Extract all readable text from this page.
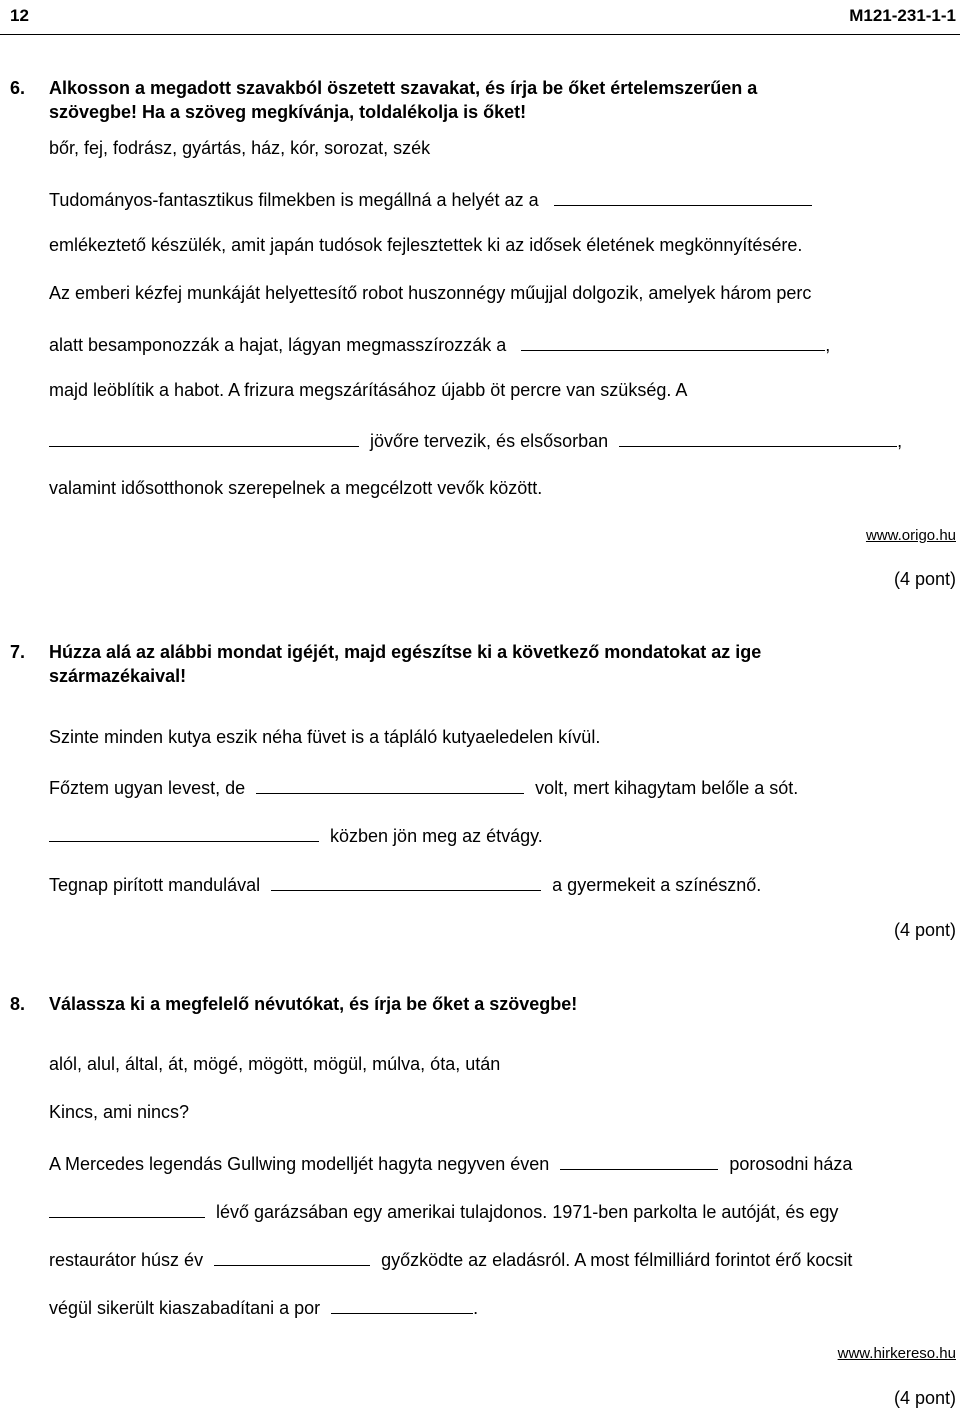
12	M121-231-1-1
6. Alkosson a megadott szavakból öszetett szavakat, és írja be őket értelemszerűen a
szövegbe! Ha a szöveg megkívánja, toldalékolja is őket!
bőr, fej, fodrász, gyártás, ház, kór, sorozat, szék
Tudományos-fantasztikus filmekben is megállná a helyét az a
emlékeztető készülék, amit japán tudósok fejlesztettek ki az idősek életének megkönnyítésére.
Az emberi kézfej munkáját helyettesítő robot huszonnégy műujjal dolgozik, amelyek három perc
alatt besamponozzák a hajat, lágyan megmasszírozzák a	,
majd leöblítik a habot. A frizura megszárításához újabb öt percre van szükség. A
jövőre tervezik, és elsősorban	,
valamint idősotthonok szerepelnek a megcélzott vevők között.
www.origo.hu
(4 pont)
7. Húzza alá az alábbi mondat igéjét, majd egészítse ki a következő mondatokat az ige
származékaival!
Szinte minden kutya eszik néha füvet is a tápláló kutyaeledelen kívül.
Főztem ugyan levest, de	volt, mert kihagytam belőle a sót.
közben jön meg az étvágy.
Tegnap pirított mandulával	a gyermekeit a színésznő.
(4 pont)
8. Válassza ki a megfelelő névutókat, és írja be őket a szövegbe!
alól, alul, által, át, mögé, mögött, mögül, múlva, óta, után
Kincs, ami nincs?
A Mercedes legendás Gullwing modelljét hagyta negyven éven	porosodni háza
lévő garázsában egy amerikai tulajdonos. 1971-ben parkolta le autóját, és egy
restaurátor húsz év	győzködte az eladásról. A most félmilliárd forintot érő kocsit
végül sikerült kiaszabadítani a por	.
www.hirkereso.hu
(4 pont)
